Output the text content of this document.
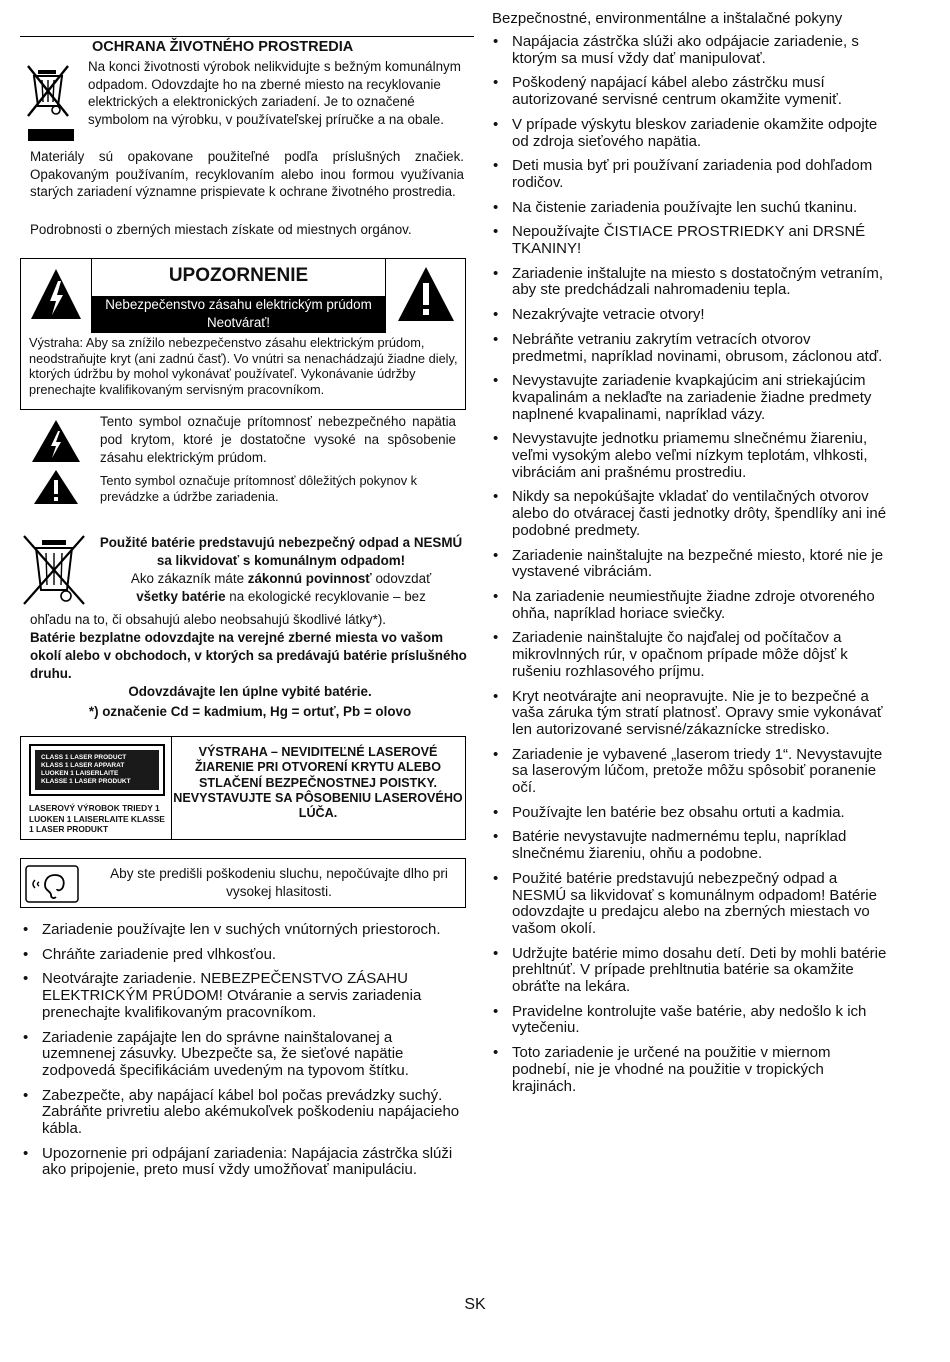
OCHRANA ŽIVOTNÉHO PROSTREDIA
Na konci životnosti výrobok nelikvidujte s bežným komunálnym odpadom. Odovzdajte ho na zberné miesto na recyklovanie elektrických a elektronických zariadení. Je to označené symbolom na výrobku, v používateľskej príručke a na obale.
Materiály sú opakovane použiteľné podľa príslušných značiek. Opakovaným používaním, recyklovaním alebo inou formou využívania starých zariadení významne prispievate k ochrane životného prostredia.
Podrobnosti o zberných miestach získate od miestnych orgánov.
UPOZORNENIE
Nebezpečenstvo zásahu elektrickým prúdom Neotvárať!
Výstraha: Aby sa znížilo nebezpečenstvo zásahu elektrickým prúdom, neodstraňujte kryt (ani zadnú časť). Vo vnútri sa nenachádzajú žiadne diely, ktorých údržbu by mohol vykonávať používateľ. Vykonávanie údržby prenechajte kvalifikovaným servisným pracovníkom.
Tento symbol označuje prítomnosť nebezpečného napätia pod krytom, ktoré je dostatočne vysoké na spôsobenie zásahu elektrickým prúdom.
Tento symbol označuje prítomnosť dôležitých pokynov k prevádzke a údržbe zariadenia.
Použité batérie predstavujú nebezpečný odpad a NESMÚ sa likvidovať s komunálnym odpadom!
Ako zákazník máte zákonnú povinnosť odovzdať
všetky batérie na ekologické recyklovanie – bez
ohľadu na to, či obsahujú alebo neobsahujú škodlivé látky*).
Batérie bezplatne odovzdajte na verejné zberné miesta vo vašom okolí alebo v obchodoch, v ktorých sa predávajú batérie príslušného druhu.
Odovzdávajte len úplne vybité batérie.
*) označenie Cd = kadmium, Hg = ortuť, Pb = olovo
CLASS 1 LASER PRODUCT
KLASS 1 LASER APPARAT
LUOKEN 1 LAISERLAITE
KLASSE 1 LASER PRODUKT
LASEROVÝ VÝROBOK TRIEDY 1 LUOKEN 1 LAISERLAITE KLASSE 1 LASER PRODUKT
VÝSTRAHA – NEVIDITEĽNÉ LASEROVÉ ŽIARENIE PRI OTVORENÍ KRYTU ALEBO STLAČENÍ BEZPEČNOSTNEJ POISTKY. NEVYSTAVUJTE SA PÔSOBENIU LASEROVÉHO LÚČA.
Aby ste predišli poškodeniu sluchu, nepočúvajte dlho pri vysokej hlasitosti.
• Zariadenie používajte len v suchých vnútorných priestoroch.
• Chráňte zariadenie pred vlhkosťou.
• Neotvárajte zariadenie. NEBEZPEČENSTVO ZÁSAHU ELEKTRICKÝM PRÚDOM! Otváranie a servis zariadenia prenechajte kvalifikovaným pracovníkom.
• Zariadenie zapájajte len do správne nainštalovanej a uzemnenej zásuvky. Ubezpečte sa, že sieťové napätie zodpovedá špecifikáciám uvedeným na typovom štítku.
• Zabezpečte, aby napájací kábel bol počas prevádzky suchý. Zabráňte privretiu alebo akémukoľvek poškodeniu napájacieho kábla.
• Upozornenie pri odpájaní zariadenia: Napájacia zástrčka slúži ako pripojenie, preto musí vždy umožňovať manipuláciu.
Bezpečnostné, environmentálne a inštalačné pokyny
• Napájacia zástrčka slúži ako odpájacie zariadenie, s ktorým sa musí vždy dať manipulovať.
• Poškodený napájací kábel alebo zástrčku musí autorizované servisné centrum okamžite vymeniť.
• V prípade výskytu bleskov zariadenie okamžite odpojte od zdroja sieťového napätia.
• Deti musia byť pri používaní zariadenia pod dohľadom rodičov.
• Na čistenie zariadenia používajte len suchú tkaninu.
• Nepoužívajte ČISTIACE PROSTRIEDKY ani DRSNÉ TKANINY!
• Zariadenie inštalujte na miesto s dostatočným vetraním, aby ste predchádzali nahromadeniu tepla.
• Nezakrývajte vetracie otvory!
• Nebráňte vetraniu zakrytím vetracích otvorov predmetmi, napríklad novinami, obrusom, záclonou atď.
• Nevystavujte zariadenie kvapkajúcim ani striekajúcim kvapalinám a neklaďte na zariadenie žiadne predmety naplnené kvapalinami, napríklad vázy.
• Nevystavujte jednotku priamemu slnečnému žiareniu, veľmi vysokým alebo veľmi nízkym teplotám, vlhkosti, vibráciám ani prašnému prostrediu.
• Nikdy sa nepokúšajte vkladať do ventilačných otvorov alebo do otváracej časti jednotky drôty, špendlíky ani iné podobné predmety.
• Zariadenie nainštalujte na bezpečné miesto, ktoré nie je vystavené vibráciám.
• Na zariadenie neumiestňujte žiadne zdroje otvoreného ohňa, napríklad horiace sviečky.
• Zariadenie nainštalujte čo najďalej od počítačov a mikrovlnných rúr, v opačnom prípade môže dôjsť k rušeniu rozhlasového príjmu.
• Kryt neotvárajte ani neopravujte. Nie je to bezpečné a vaša záruka tým stratí platnosť. Opravy smie vykonávať len autorizované servisné/zákaznícke stredisko.
• Zariadenie je vybavené „laserom triedy 1“. Nevystavujte sa laserovým lúčom, pretože môžu spôsobiť poranenie očí.
• Používajte len batérie bez obsahu ortuti a kadmia.
• Batérie nevystavujte nadmernému teplu, napríklad slnečnému žiareniu, ohňu a podobne.
• Použité batérie predstavujú nebezpečný odpad a NESMÚ sa likvidovať s komunálnym odpadom! Batérie odovzdajte u predajcu alebo na zberných miestach vo vašom okolí.
• Udržujte batérie mimo dosahu detí. Deti by mohli batérie prehltnúť. V prípade prehltnutia batérie sa okamžite obráťte na lekára.
• Pravidelne kontrolujte vaše batérie, aby nedošlo k ich vytečeniu.
• Toto zariadenie je určené na použitie v miernom podnebí, nie je vhodné na použitie v tropických krajinách.
SK
